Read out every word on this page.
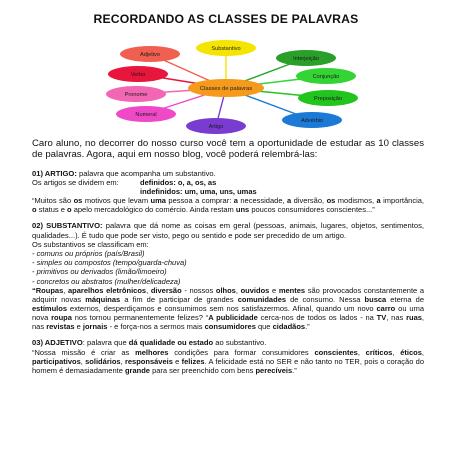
RECORDANDO AS CLASSES DE PALAVRAS
Substantivo
Interjeição
Conjunção
Preposição
Advérbio
Artigo
Numeral
Pronome
Verbo
Adjetivo
Classes de palavras

Caro aluno, no decorrer do nosso curso você tem a oportunidade de estudar as 10 classes de palavras. Agora, aqui em nosso blog, você poderá relembrá-las:

01) ARTIGO: palavra que acompanha um substantivo.

Os artigos se dividem em:	definidos: o, a, os, as
indefinidos: um, uma, uns, umas

“Muitos são os motivos que levam uma pessoa a comprar: a necessidade, a diversão, os modismos, a importância, o status e o apelo mercadológico do comércio. Ainda restam uns poucos consumidores conscientes...”

02) SUBSTANTIVO: palavra que dá nome as coisas em geral (pessoas, animais, lugares, objetos, sentimentos, qualidades...). É tudo que pode ser visto, pego ou sentido e pode ser precedido de um artigo.

Os substantivos se classificam em:

- comuns ou próprios (país/Brasil)

- simples ou compostos (tempo/guarda-chuva)

- primitivos ou derivados (limão/limoeiro)

- concretos ou abstratos (mulher/delicadeza)

“Roupas, aparelhos eletrônicos, diversão - nossos olhos, ouvidos e mentes são provocados constantemente a adquirir novas máquinas a fim de participar de grandes comunidades de consumo. Nessa busca eterna de estímulos externos, desperdiçamos e consumimos sem nos satisfazermos. Afinal, quando um novo carro ou uma nova roupa nos tornou permanentemente felizes? “A publicidade cerca-nos de todos os lados - na TV, nas ruas, nas revistas e jornais - e força-nos a sermos mais consumidores que cidadãos.”

03) ADJETIVO: palavra que dá qualidade ou estado ao substantivo.

“Nossa missão é criar as melhores condições para formar consumidores conscientes, críticos, éticos, participativos, solidários, responsáveis e felizes. A felicidade está no SER e não tanto no TER, pois o coração do homem é demasiadamente grande para ser preenchido com bens perecíveis.”
